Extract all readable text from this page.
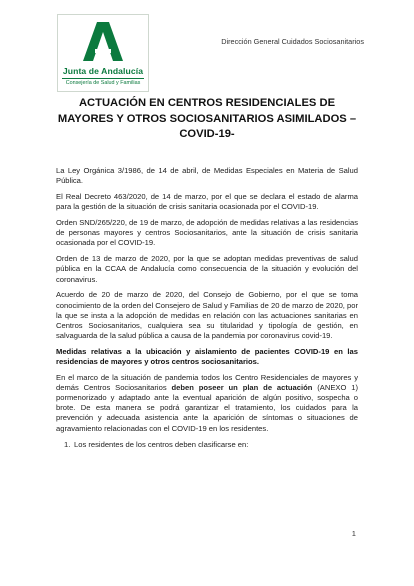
Junta de Andalucía
Consejería de Salud y Familias
Dirección General Cuidados Sociosanitarios
ACTUACIÓN EN CENTROS RESIDENCIALES DE MAYORES Y OTROS SOCIOSANITARIOS ASIMILADOS – COVID-19-

La Ley Orgánica 3/1986, de 14 de abril, de Medidas Especiales en Materia de Salud Pública.

El Real Decreto 463/2020, de 14 de marzo, por el que se declara el estado de alarma para la gestión de la situación de crisis sanitaria ocasionada por el COVID-19.

Orden SND/265/220, de 19 de marzo, de adopción de medidas relativas a las residencias de personas mayores y centros Sociosanitarios, ante la situación de crisis sanitaria ocasionada por el COVID-19.

Orden de 13 de marzo de 2020, por la que se adoptan medidas preventivas de salud pública en la CCAA de Andalucía como consecuencia de la situación y evolución del coronavirus.

Acuerdo de 20 de marzo de 2020, del Consejo de Gobierno, por el que se toma conocimiento de la orden del Consejero de Salud y Familias de 20 de marzo de 2020, por la que se insta a la adopción de medidas en relación con las actuaciones sanitarias en Centros Sociosanitarios, cualquiera sea su titularidad y tipología de gestión, en salvaguarda de la salud pública a causa de la pandemia por coronavirus covid-19.

Medidas relativas a la ubicación y aislamiento de pacientes COVID-19 en las residencias de mayores y otros centros sociosanitarios.

En el marco de la situación de pandemia todos los Centro Residenciales de mayores y demás Centros Sociosanitarios deben poseer un plan de actuación (ANEXO 1) pormenorizado y adaptado ante la eventual aparición de algún positivo, sospecha o brote. De esta manera se podrá garantizar el tratamiento, los cuidados para la prevención y adecuada asistencia ante la aparición de síntomas o situaciones de agravamiento relacionadas con el COVID-19 en los residentes.

1. Los residentes de los centros deben clasificarse en:
1
